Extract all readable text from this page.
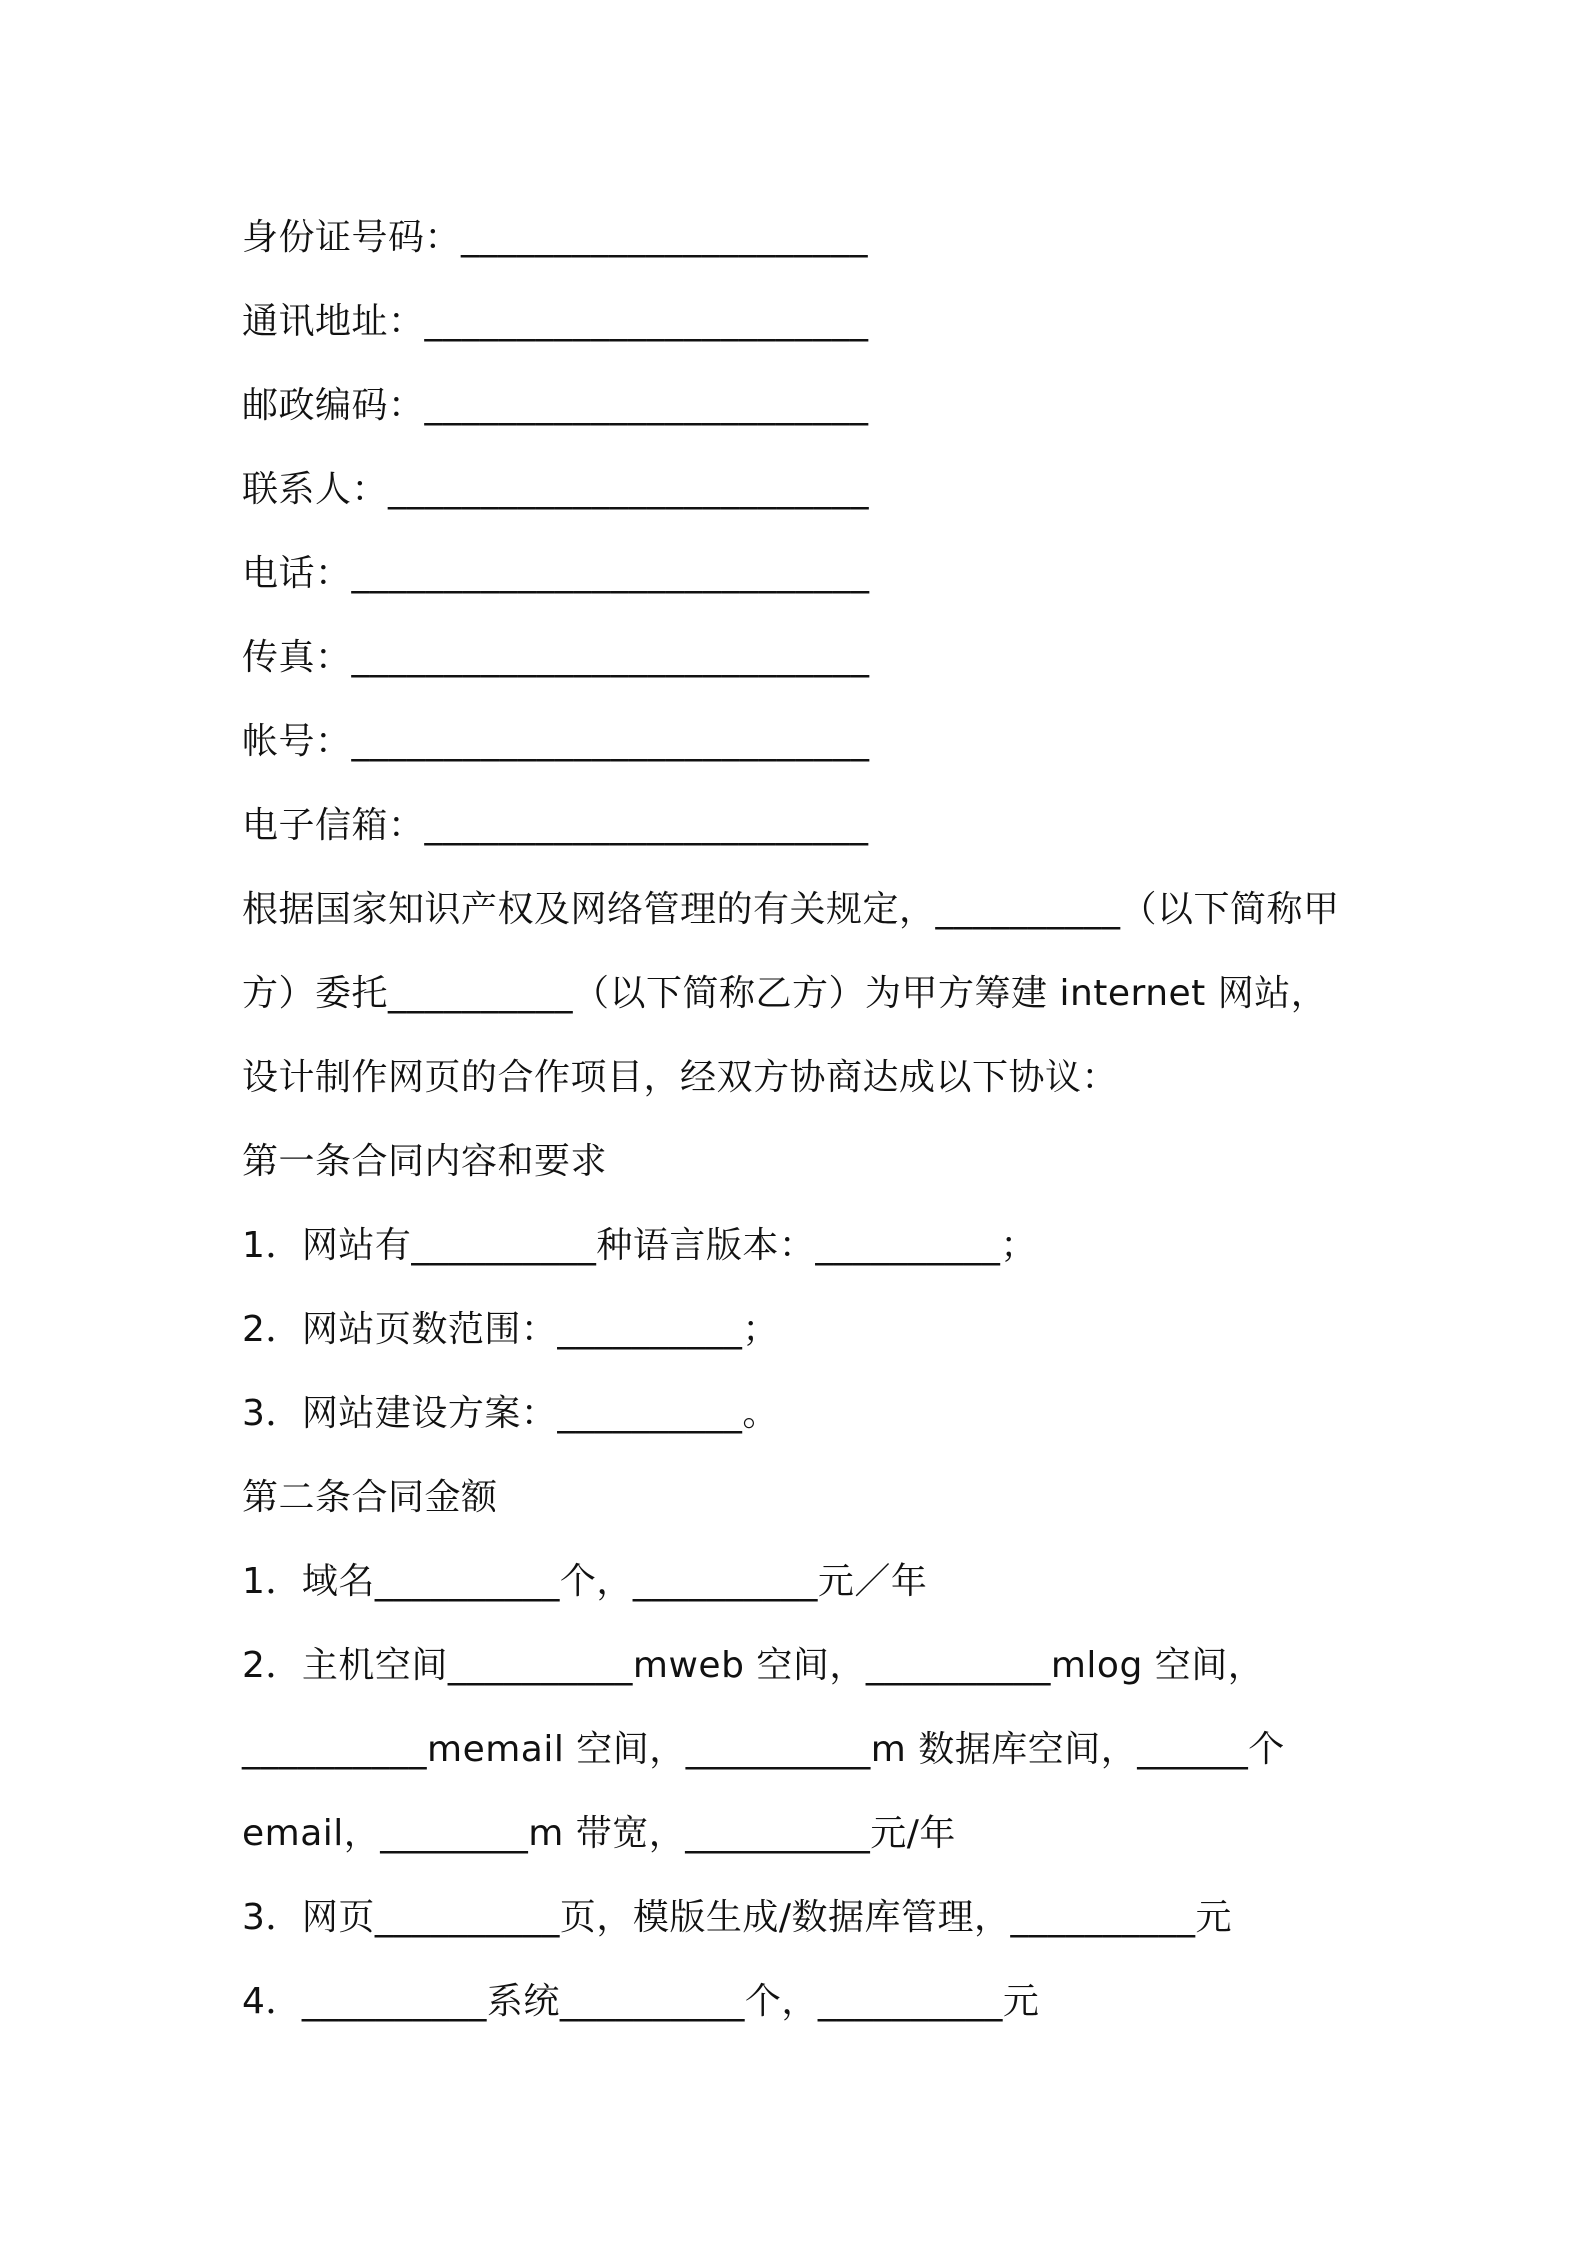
身份证号码：______________________
通讯地址：________________________
邮政编码：________________________
联系人：__________________________
电话：____________________________
传真：____________________________
帐号：____________________________
电子信箱：________________________
根据国家知识产权及网络管理的有关规定，__________（以下简称甲
方）委托__________（以下简称乙方）为甲方筹建 internet 网站，
设计制作网页的合作项目，经双方协商达成以下协议：
第一条合同内容和要求
1．网站有__________种语言版本：__________；
2．网站页数范围：__________；
3．网站建设方案：__________。
第二条合同金额
1．域名__________个，__________元／年
2．主机空间__________mweb 空间，__________mlog 空间，
__________memail 空间，__________m 数据库空间，______个
email，________m 带宽，__________元/年
3．网页__________页，模版生成/数据库管理，__________元
4．__________系统__________个，__________元
